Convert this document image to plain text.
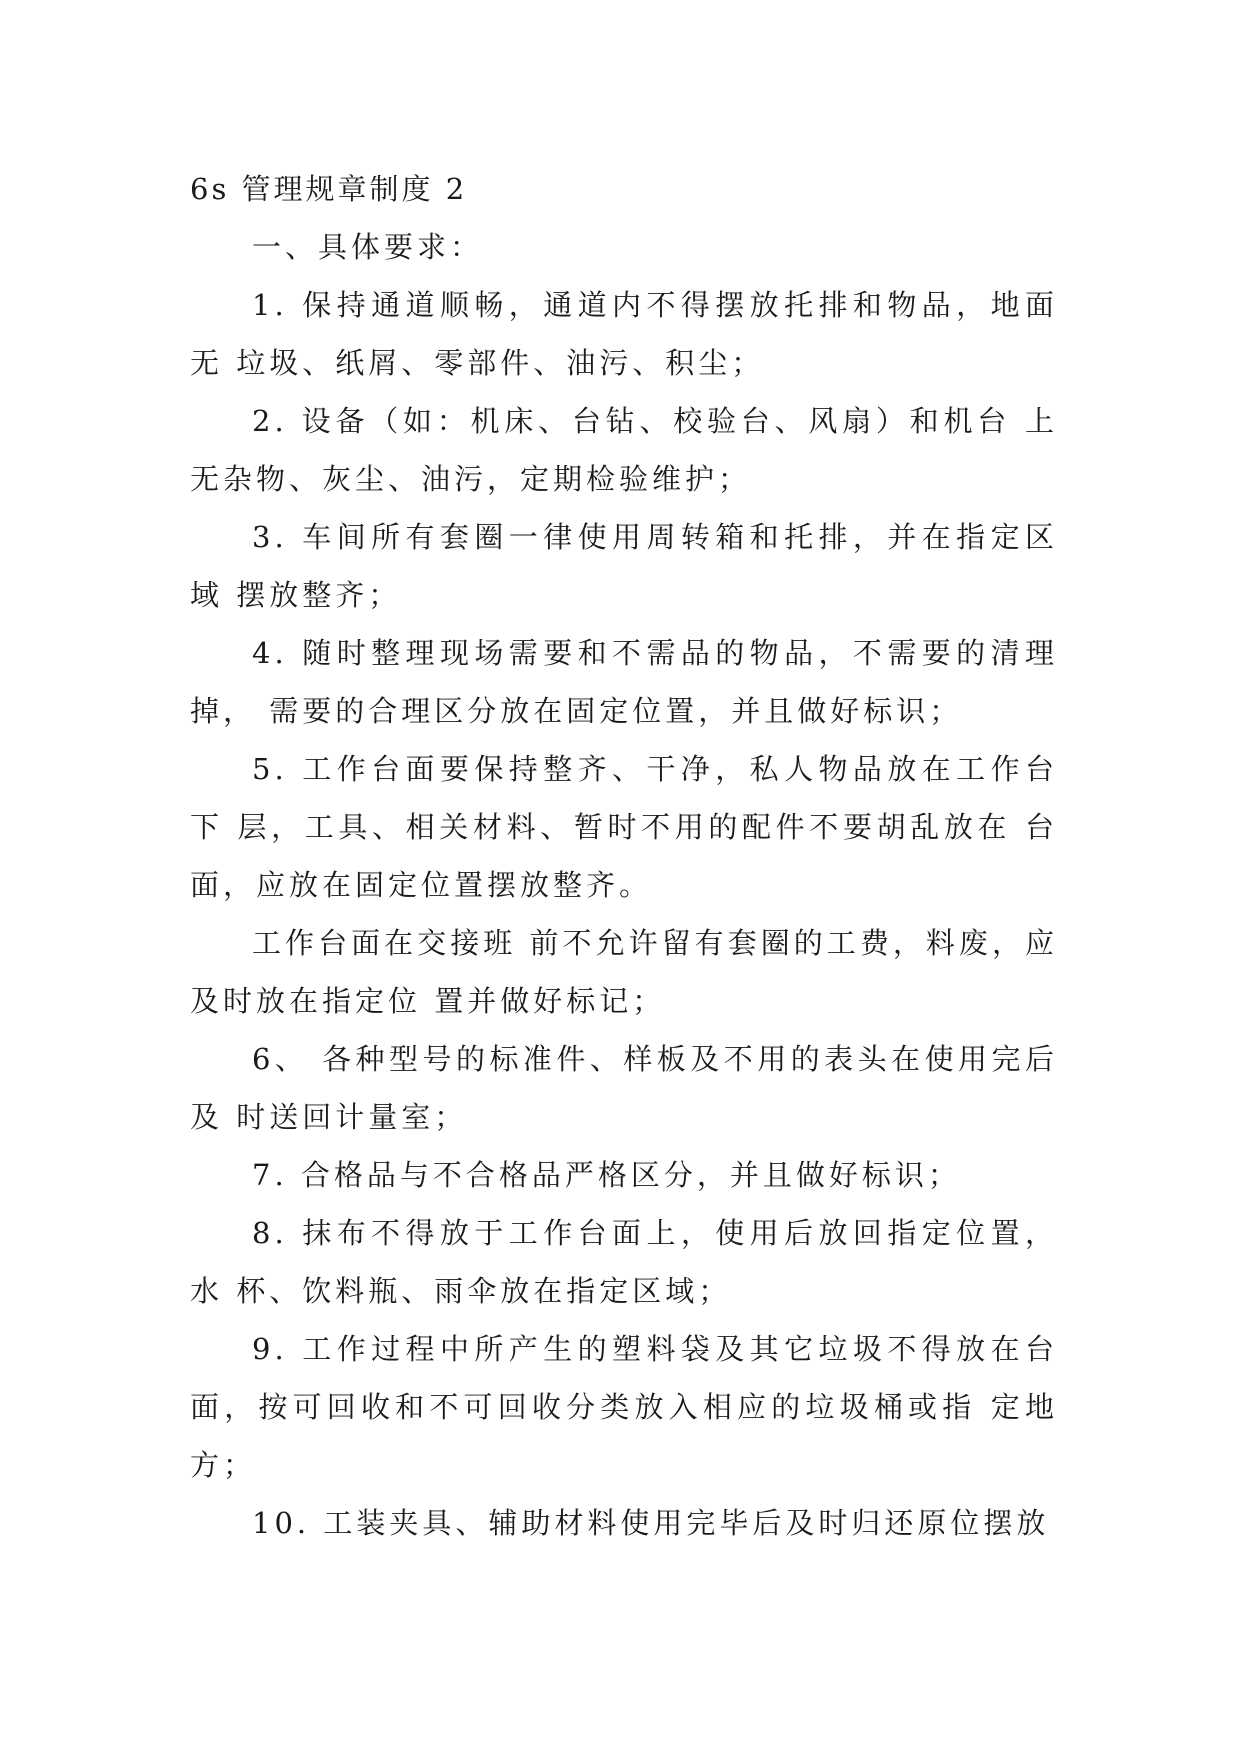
6s 管理规章制度 2

一、具体要求：

1. 保持通道顺畅，通道内不得摆放托排和物品，地面无 垃圾、纸屑、零部件、油污、积尘；

2. 设备（如：机床、台钻、校验台、风扇）和机台 上无杂物、灰尘、油污，定期检验维护；

3. 车间所有套圈一律使用周转箱和托排，并在指定区域 摆放整齐；

4. 随时整理现场需要和不需品的物品，不需要的清理掉， 需要的合理区分放在固定位置，并且做好标识；

5. 工作台面要保持整齐、干净，私人物品放在工作台下 层，工具、相关材料、暂时不用的配件不要胡乱放在 台面，应放在固定位置摆放整齐。

工作台面在交接班 前不允许留有套圈的工费，料废，应及时放在指定位 置并做好标记；

6、 各种型号的标准件、样板及不用的表头在使用完后及 时送回计量室；

7. 合格品与不合格品严格区分，并且做好标识；

8. 抹布不得放于工作台面上，使用后放回指定位置，水 杯、饮料瓶、雨伞放在指定区域；

9. 工作过程中所产生的塑料袋及其它垃圾不得放在台面，按可回收和不可回收分类放入相应的垃圾桶或指 定地方；

10. 工装夹具、辅助材料使用完毕后及时归还原位摆放
